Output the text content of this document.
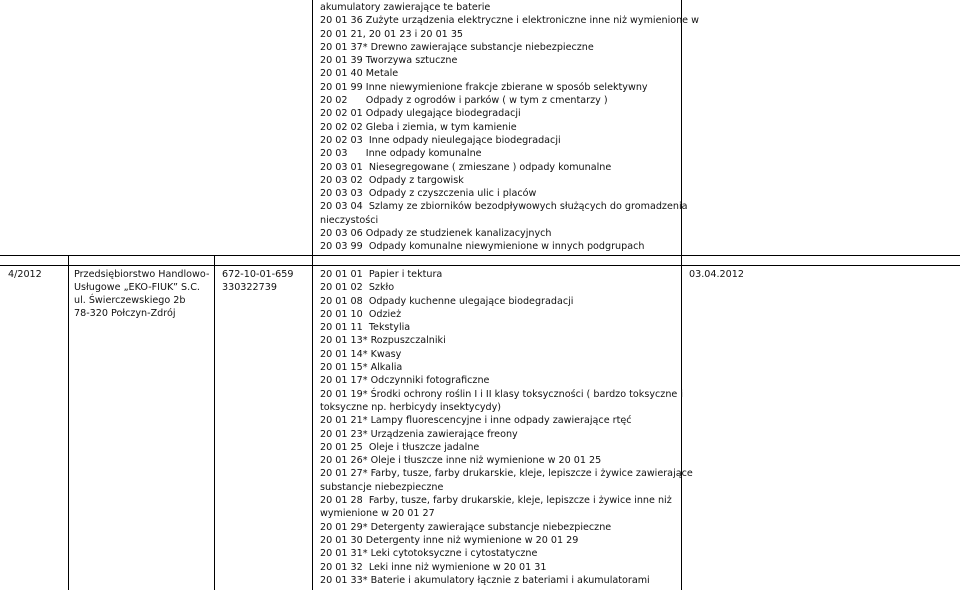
akumulatory zawierające te baterie
20 01 36 Zużyte urządzenia elektryczne i elektroniczne inne niż wymienione w
20 01 21, 20 01 23 i 20 01 35
20 01 37* Drewno zawierające substancje niebezpieczne
20 01 39 Tworzywa sztuczne
20 01 40 Metale
20 01 99 Inne niewymienione frakcje zbierane w sposób selektywny
20 02      Odpady z ogrodów i parków ( w tym z cmentarzy )
20 02 01 Odpady ulegające biodegradacji
20 02 02 Gleba i ziemia, w tym kamienie
20 02 03  Inne odpady nieulegające biodegradacji
20 03      Inne odpady komunalne
20 03 01  Niesegregowane ( zmieszane ) odpady komunalne
20 03 02  Odpady z targowisk
20 03 03  Odpady z czyszczenia ulic i placów
20 03 04  Szlamy ze zbiorników bezodpływowych służących do gromadzenia
nieczystości
20 03 06 Odpady ze studzienek kanalizacyjnych
20 03 99  Odpady komunalne niewymienione w innych podgrupach
4/2012	Przedsiębiorstwo Handlowo-
Usługowe „EKO-FIUK” S.C.
ul. Świerczewskiego 2b
78-320 Połczyn-Zdrój
672-10-01-659
330322739
20 01 01  Papier i tektura
20 01 02  Szkło
20 01 08  Odpady kuchenne ulegające biodegradacji
20 01 10  Odzież
20 01 11  Tekstylia
20 01 13* Rozpuszczalniki
20 01 14* Kwasy
20 01 15* Alkalia
20 01 17* Odczynniki fotograficzne
20 01 19* Środki ochrony roślin I i II klasy toksyczności ( bardzo toksyczne i
toksyczne np. herbicydy insektycydy)
20 01 21* Lampy fluorescencyjne i inne odpady zawierające rtęć
20 01 23* Urządzenia zawierające freony
20 01 25  Oleje i tłuszcze jadalne
20 01 26* Oleje i tłuszcze inne niż wymienione w 20 01 25
20 01 27* Farby, tusze, farby drukarskie, kleje, lepiszcze i żywice zawierające
substancje niebezpieczne
20 01 28  Farby, tusze, farby drukarskie, kleje, lepiszcze i żywice inne niż
wymienione w 20 01 27
20 01 29* Detergenty zawierające substancje niebezpieczne
20 01 30 Detergenty inne niż wymienione w 20 01 29
20 01 31* Leki cytotoksyczne i cytostatyczne
20 01 32  Leki inne niż wymienione w 20 01 31
20 01 33* Baterie i akumulatory łącznie z bateriami i akumulatorami
03.04.2012
